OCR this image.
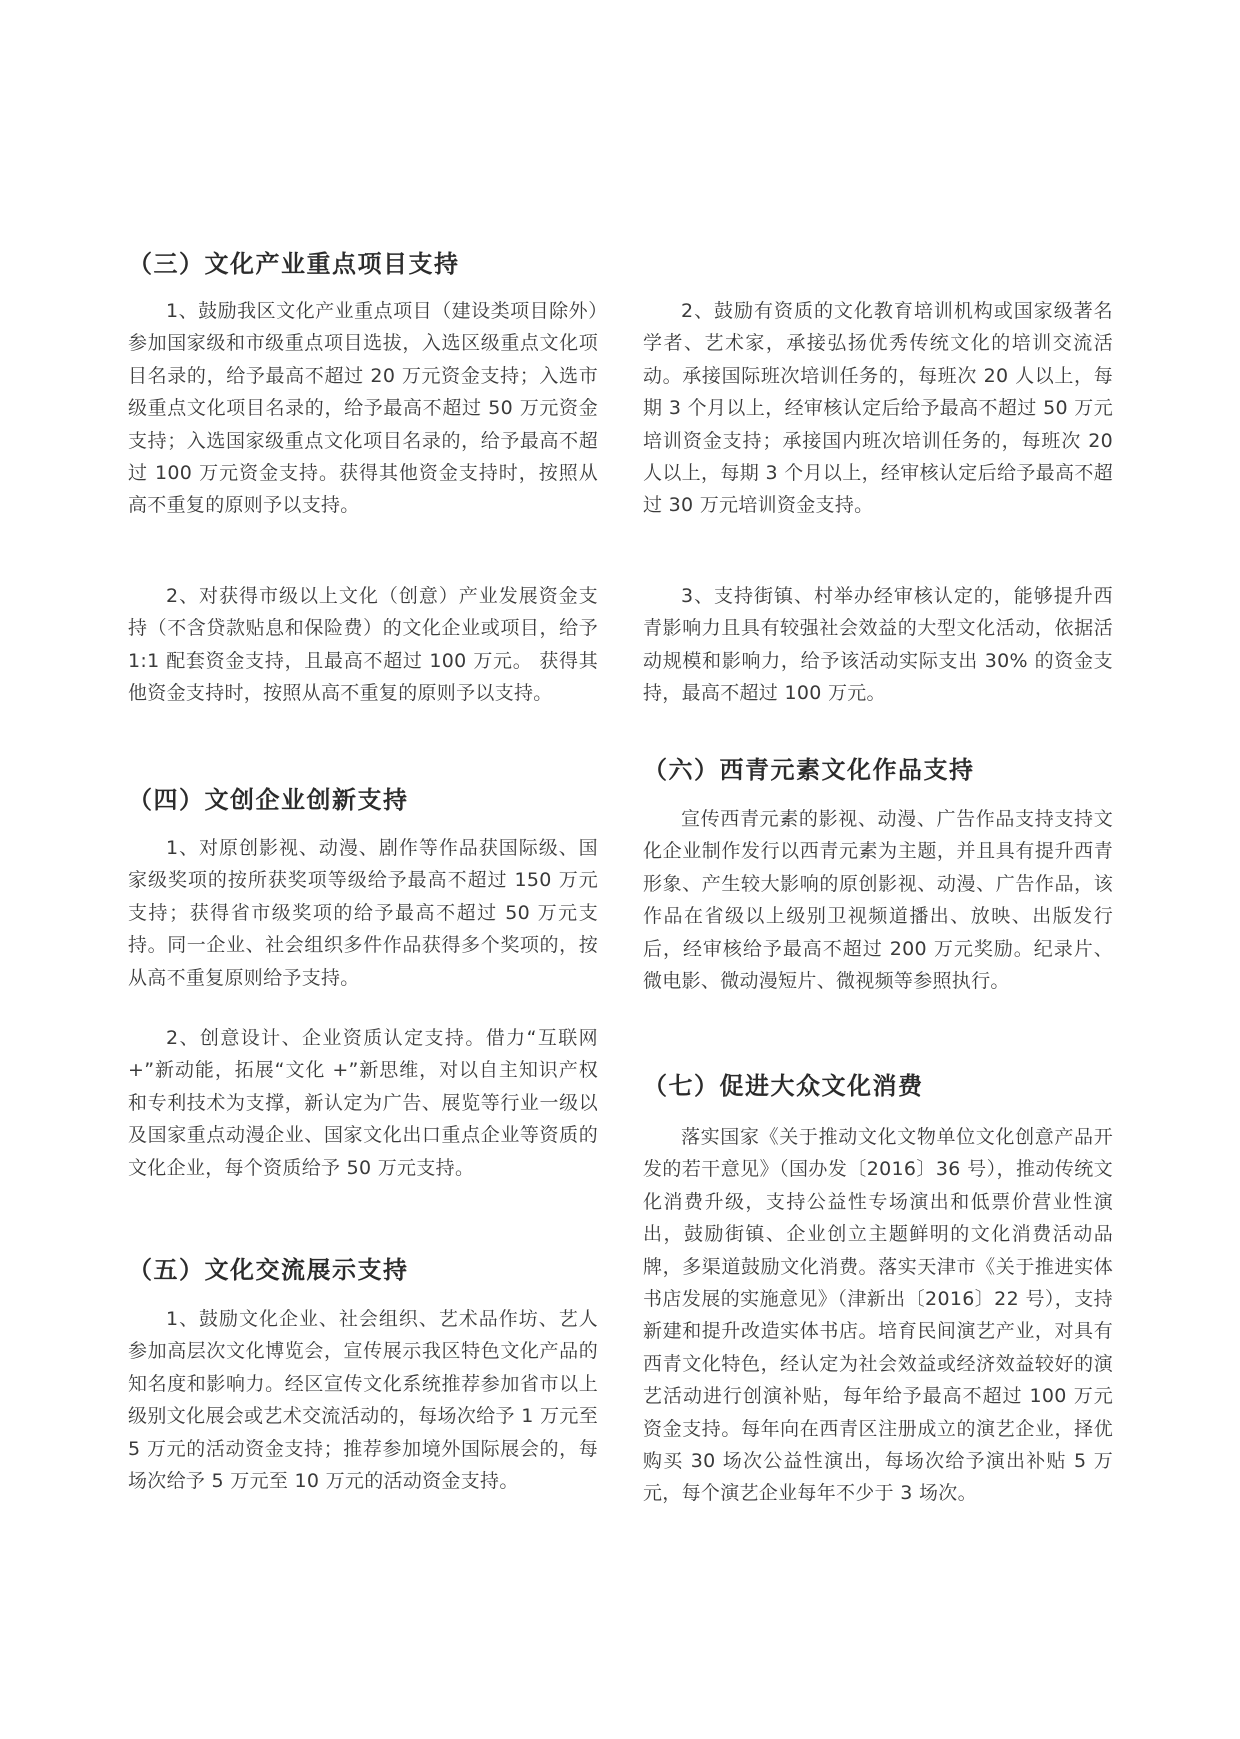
（三）文化产业重点项目支持

1、鼓励我区文化产业重点项目（建设类项目除外）参加国家级和市级重点项目选拔，入选区级重点文化项目名录的，给予最高不超过 20 万元资金支持；入选市级重点文化项目名录的，给予最高不超过 50 万元资金支持；入选国家级重点文化项目名录的，给予最高不超过 100 万元资金支持。获得其他资金支持时，按照从高不重复的原则予以支持。

2、对获得市级以上文化（创意）产业发展资金支持（不含贷款贴息和保险费）的文化企业或项目，给予 1:1 配套资金支持，且最高不超过 100 万元。 获得其他资金支持时，按照从高不重复的原则予以支持。

（四）文创企业创新支持

1、对原创影视、动漫、剧作等作品获国际级、国家级奖项的按所获奖项等级给予最高不超过 150 万元支持；获得省市级奖项的给予最高不超过 50 万元支持。同一企业、社会组织多件作品获得多个奖项的，按从高不重复原则给予支持。

2、创意设计、企业资质认定支持。借力“互联网 +”新动能，拓展“文化 +”新思维，对以自主知识产权和专利技术为支撑，新认定为广告、展览等行业一级以及国家重点动漫企业、国家文化出口重点企业等资质的文化企业，每个资质给予 50 万元支持。

（五）文化交流展示支持

1、鼓励文化企业、社会组织、艺术品作坊、艺人参加高层次文化博览会，宣传展示我区特色文化产品的知名度和影响力。经区宣传文化系统推荐参加省市以上级别文化展会或艺术交流活动的，每场次给予 1 万元至 5 万元的活动资金支持；推荐参加境外国际展会的，每场次给予 5 万元至 10 万元的活动资金支持。

2、鼓励有资质的文化教育培训机构或国家级著名学者、艺术家，承接弘扬优秀传统文化的培训交流活动。承接国际班次培训任务的，每班次 20 人以上，每期 3 个月以上，经审核认定后给予最高不超过 50 万元培训资金支持；承接国内班次培训任务的，每班次 20 人以上，每期 3 个月以上，经审核认定后给予最高不超过 30 万元培训资金支持。

3、支持街镇、村举办经审核认定的，能够提升西青影响力且具有较强社会效益的大型文化活动，依据活动规模和影响力，给予该活动实际支出 30% 的资金支持，最高不超过 100 万元。

（六）西青元素文化作品支持

宣传西青元素的影视、动漫、广告作品支持支持文化企业制作发行以西青元素为主题，并且具有提升西青形象、产生较大影响的原创影视、动漫、广告作品，该作品在省级以上级别卫视频道播出、放映、出版发行后，经审核给予最高不超过 200 万元奖励。纪录片、微电影、微动漫短片、微视频等参照执行。

（七）促进大众文化消费

落实国家《关于推动文化文物单位文化创意产品开发的若干意见》（国办发〔2016〕36 号），推动传统文化消费升级，支持公益性专场演出和低票价营业性演出，鼓励街镇、企业创立主题鲜明的文化消费活动品牌，多渠道鼓励文化消费。落实天津市《关于推进实体书店发展的实施意见》（津新出〔2016〕22 号），支持新建和提升改造实体书店。培育民间演艺产业，对具有西青文化特色，经认定为社会效益或经济效益较好的演艺活动进行创演补贴，每年给予最高不超过 100 万元资金支持。每年向在西青区注册成立的演艺企业，择优购买 30 场次公益性演出，每场次给予演出补贴 5 万元，每个演艺企业每年不少于 3 场次。
